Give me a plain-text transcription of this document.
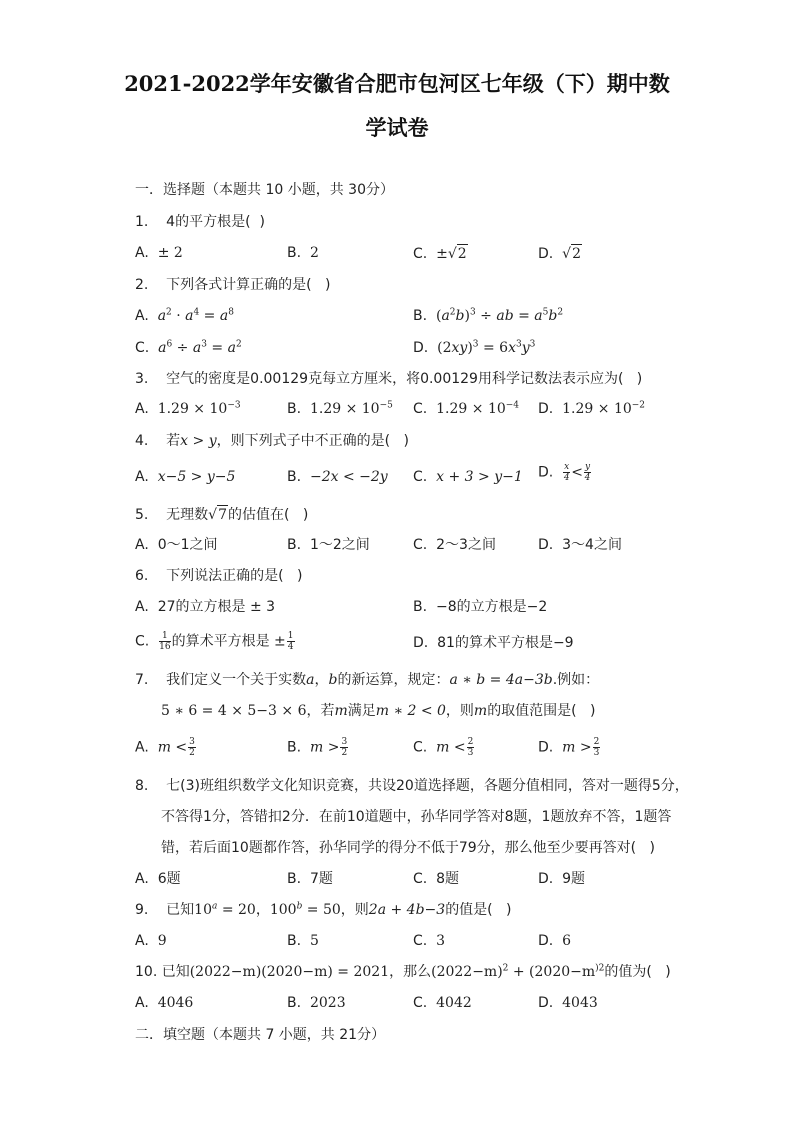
2021-2022学年安徽省合肥市包河区七年级（下）期中数
学试卷
一．选择题（本题共 10 小题，共 30分）
1. 4的平方根是( )
A. ± 2	B. 2	C. ±√2	D. √2
2. 下列各式计算正确的是( )
A. $a^2 \cdot a^4 = a^8$	B. $(a^2b)^3$ ÷ ab = $a^5b^2$
C. $a^6 \div a^3 = a^2$	D. $(2xy)^3 = 6x^3y^3$
3. 空气的密度是0.00129克每立方厘米，将0.00129用科学记数法表示应为( )
A. $1.29 \times 10^{-3}$	B. $1.29 \times 10^{-5}$ C. $1.29 \times 10^{-4}$ D. $1.29 \times 10^{-2}$
4. 若x > y，则下列式子中不正确的是( )
A. x−5 > y−5	B. −2x < −2y C. x + 3 > y−1 D. $\frac{x}{4} < \frac{y}{4}$
5. 无理数√7的估值在( )
A. 0～1之间	B. 1～2之间	C. 2～3之间	D. 3～4之间
6. 下列说法正确的是( )
A. 27的立方根是 ± 3	B. −8的立方根是−2
C. $\frac{1}{16}$ 的算术平方根是 ± $\frac{1}{4}$	D. 81的算术平方根是−9
7. 我们定义一个关于实数a，b的新运算，规定：a ∗ b = 4a−3b.例如：
5 ∗ 6 = 4 × 5−3 × 6，若m满足m ∗ 2 < 0，则m的取值范围是( )
A. $m < \frac{3}{2}$	B. $m > \frac{3}{2}$	C. $m < \frac{2}{3}$	D. $m > \frac{2}{3}$
8. 七(3)班组织数学文化知识竞赛，共设20道选择题，各题分值相同，答对一题得5分，
不答得1分，答错扣2分．在前10道题中，孙华同学答对8题，1题放弃不答，1题答
错，若后面10题都作答，孙华同学的得分不低于79分，那么他至少要再答对( )
A. 6题	B. 7题	C. 8题	D. 9题
9. 已知$10^a = 20$，$100^b = 50$，则2a + 4b−3的值是( )
A. 9	B. 5	C. 3	D. 6
10. 已知(2022−m)(2020−m) = 2021，那么$(2022-m)^2 + (2020-m^{)2}$的值为( )
A. 4046	B. 2023	C. 4042	D. 4043
二．填空题（本题共 7 小题，共 21分）
